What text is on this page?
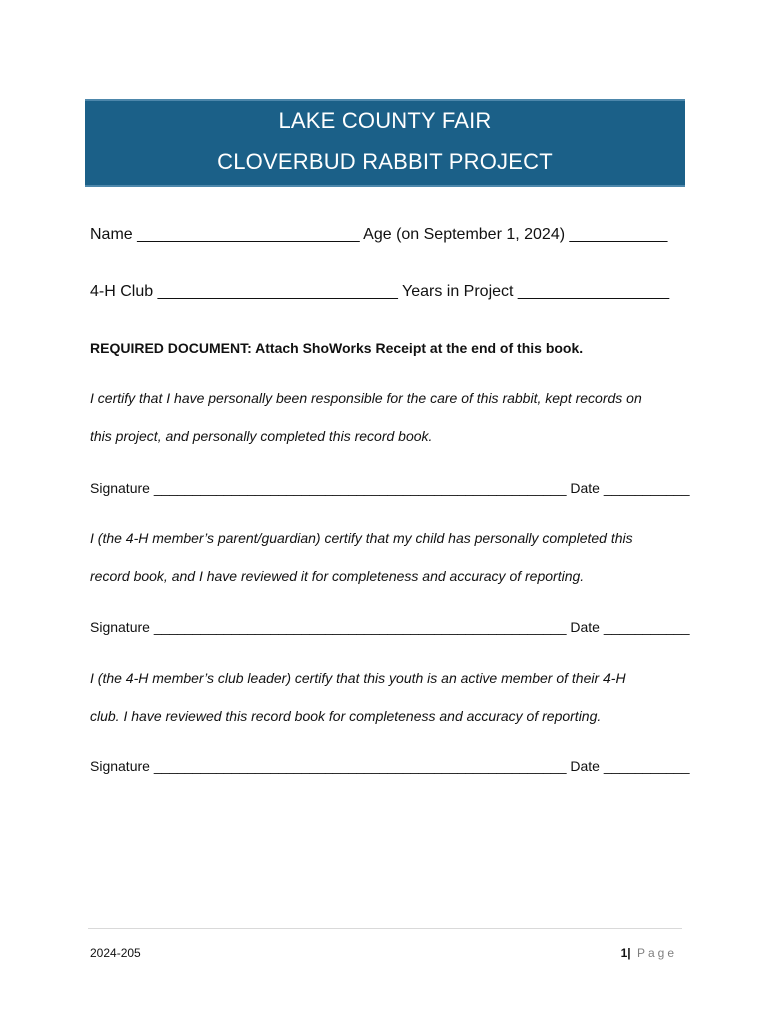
LAKE COUNTY FAIR
CLOVERBUD RABBIT PROJECT
Name _________________________ Age (on September 1, 2024) ___________
4-H Club ___________________________ Years in Project _________________
REQUIRED DOCUMENT: Attach ShoWorks Receipt at the end of this book.
I certify that I have personally been responsible for the care of this rabbit, kept records on
this project, and personally completed this record book.
Signature _____________________________________________________ Date ___________
I (the 4-H member’s parent/guardian) certify that my child has personally completed this
record book, and I have reviewed it for completeness and accuracy of reporting.
Signature _____________________________________________________ Date ___________
I (the 4-H member’s club leader) certify that this youth is an active member of their 4-H
club. I have reviewed this record book for completeness and accuracy of reporting.
Signature _____________________________________________________ Date ___________
2024-205	1| Page
